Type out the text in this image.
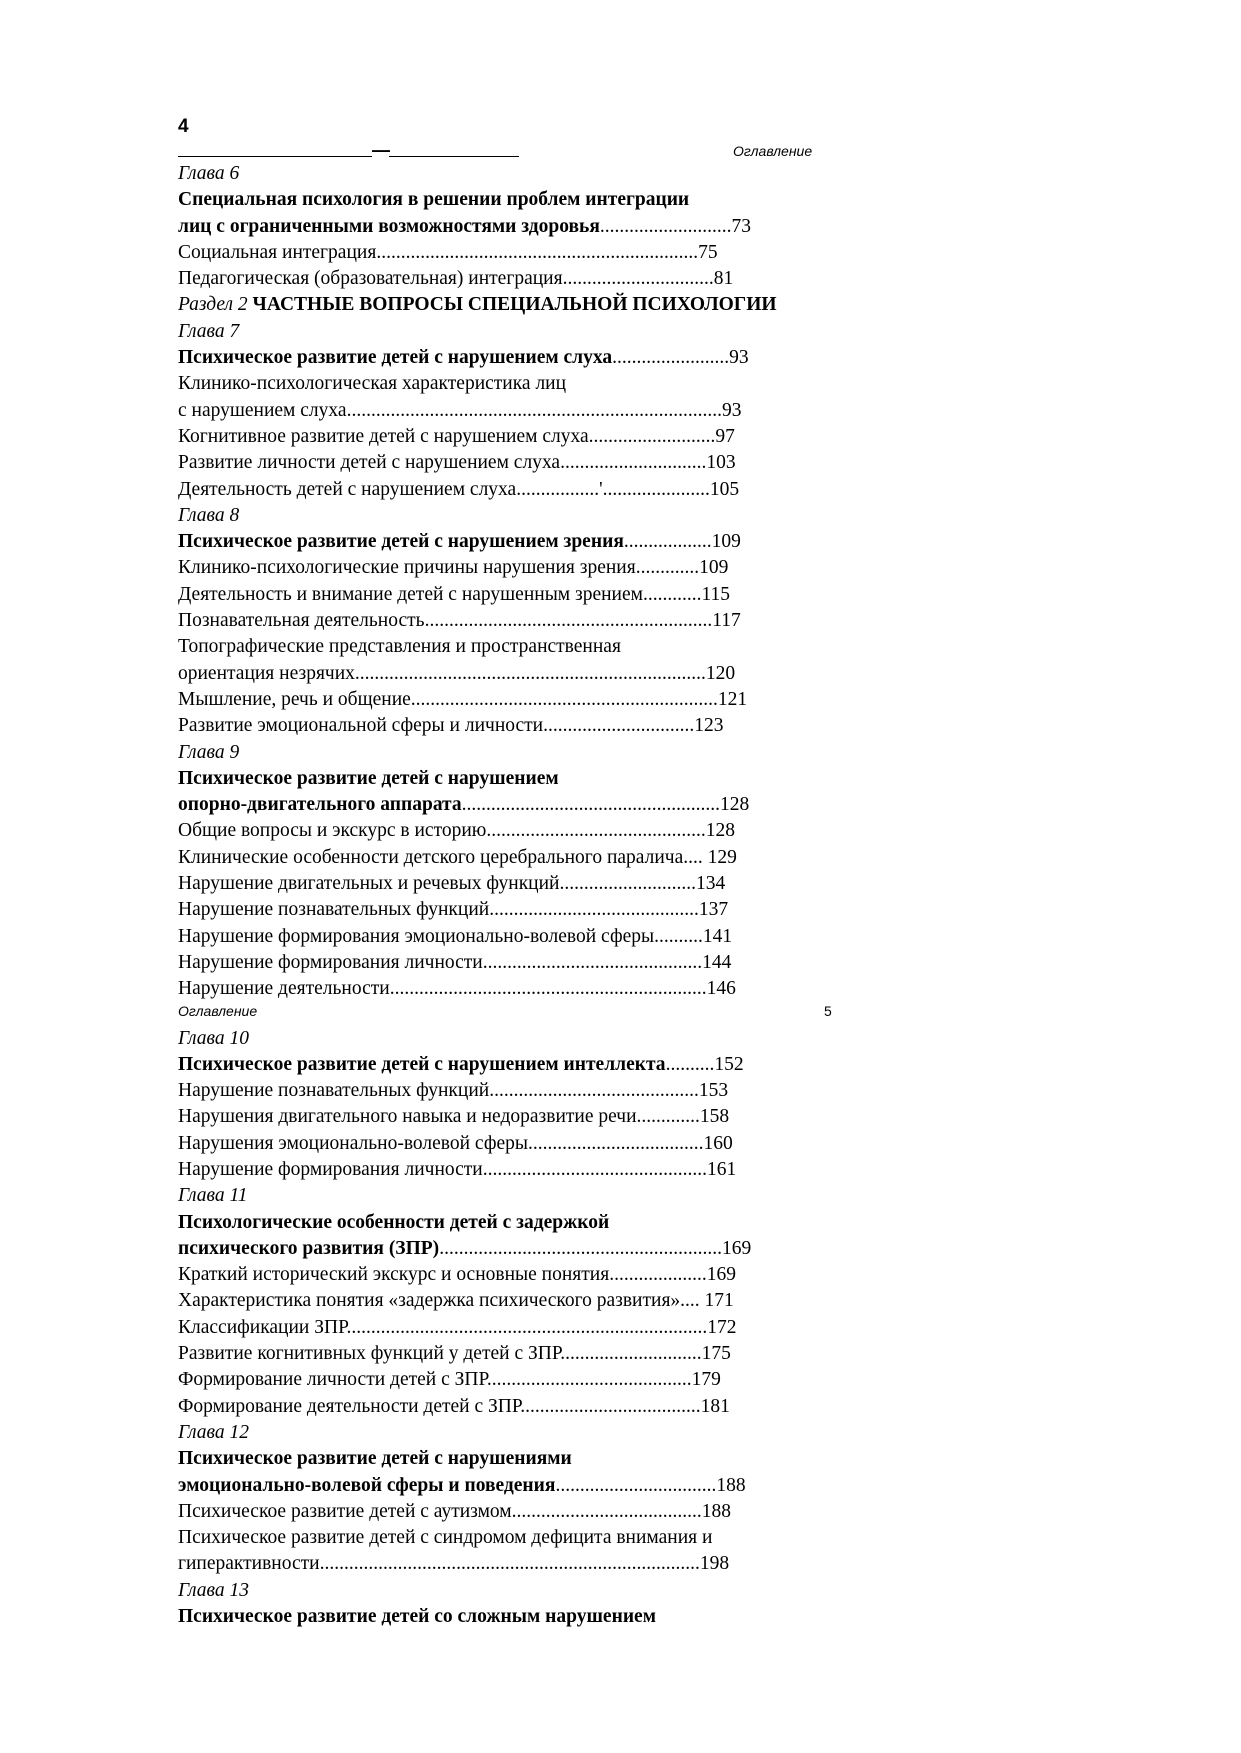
4
—	Оглавление
Глава 6
Специальная психология в решении проблем интеграции
лиц с ограниченными возможностями здоровья...........................73
Социальная интеграция..................................................................75
Педагогическая (образовательная) интеграция...............................81
Раздел 2 ЧАСТНЫЕ ВОПРОСЫ СПЕЦИАЛЬНОЙ ПСИХОЛОГИИ
Глава 7
Психическое развитие детей с нарушением слуха........................93
Клинико-психологическая характеристика лиц
с нарушением слуха.............................................................................93
Когнитивное развитие детей с нарушением слуха..........................97
Развитие личности детей с нарушением слуха..............................103
Деятельность детей с нарушением слуха.................'......................105
Глава 8
Психическое развитие детей с нарушением зрения..................109
Клинико-психологические причины нарушения зрения.............109
Деятельность и внимание детей с нарушенным зрением............115
Познавательная деятельность...........................................................117
Топографические представления и пространственная
ориентация незрячих........................................................................120
Мышление, речь и общение...............................................................121
Развитие эмоциональной сферы и личности...............................123
Глава 9
Психическое развитие детей с нарушением
опорно-двигательного аппарата.....................................................128
Общие вопросы и экскурс в историю.............................................128
Клинические особенности детского церебрального паралича.... 129
Нарушение двигательных и речевых функций............................134
Нарушение познавательных функций...........................................137
Нарушение формирования эмоционально-волевой сферы..........141
Нарушение формирования личности.............................................144
Нарушение деятельности.................................................................146
Оглавление	5
Глава 10
Психическое развитие детей с нарушением интеллекта..........152
Нарушение познавательных функций...........................................153
Нарушения двигательного навыка и недоразвитие речи.............158
Нарушения эмоционально-волевой сферы....................................160
Нарушение формирования личности..............................................161
Глава 11
Психологические особенности детей с задержкой
психического развития (ЗПР)..........................................................169
Краткий исторический экскурс и основные понятия....................169
Характеристика понятия «задержка психического развития».... 171
Классификации ЗПР..........................................................................172
Развитие когнитивных функций у детей с ЗПР.............................175
Формирование личности детей с ЗПР..........................................179
Формирование деятельности детей с ЗПР.....................................181
Глава 12
Психическое развитие детей с нарушениями
эмоционально-волевой сферы и поведения.................................188
Психическое развитие детей с аутизмом.......................................188
Психическое развитие детей с синдромом дефицита внимания и
гиперактивности..............................................................................198
Глава 13
Психическое развитие детей со сложным нарушением
